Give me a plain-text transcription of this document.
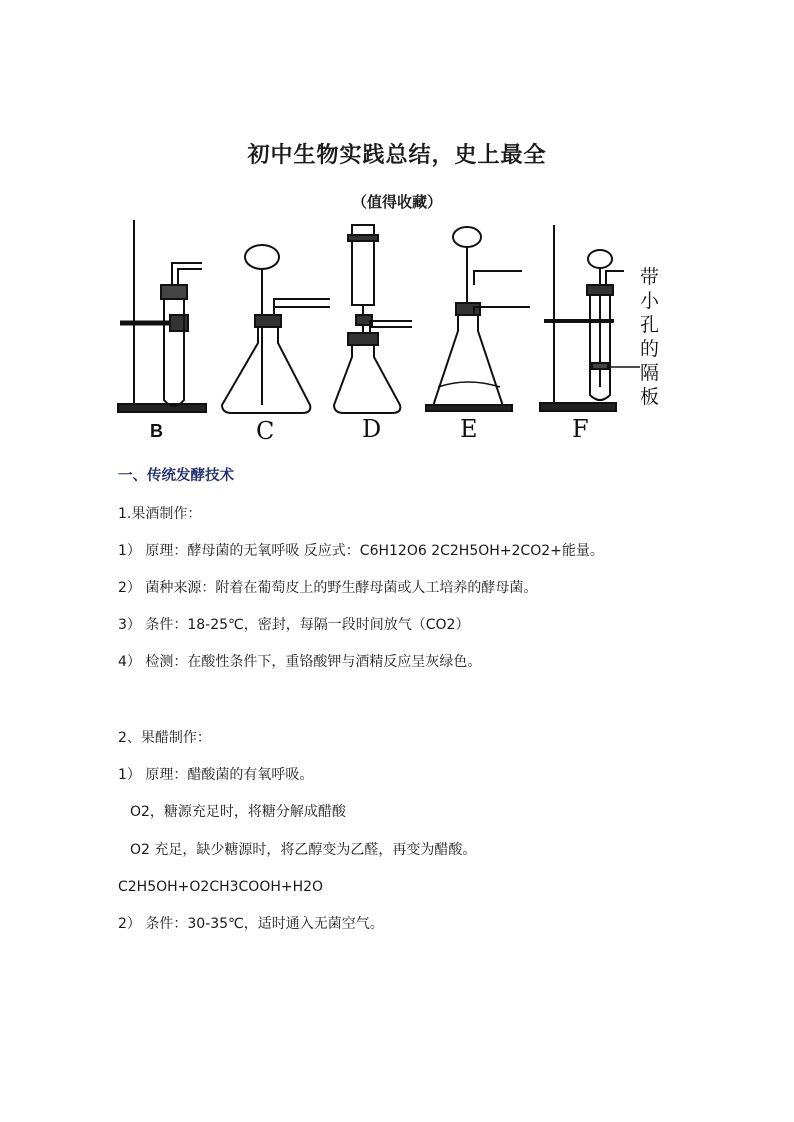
初中生物实践总结，史上最全
（值得收藏）
B	C	D	E	F
带
小
孔
的
隔
板
一、传统发酵技术
1.果酒制作：
1） 原理：酵母菌的无氧呼吸 反应式：C6H12O6 2C2H5OH+2CO2+能量。
2） 菌种来源：附着在葡萄皮上的野生酵母菌或人工培养的酵母菌。
3） 条件：18-25℃，密封，每隔一段时间放气（CO2）
4） 检测：在酸性条件下，重铬酸钾与酒精反应呈灰绿色。
2、果醋制作：
1） 原理：醋酸菌的有氧呼吸。
O2，糖源充足时，将糖分解成醋酸
O2 充足，缺少糖源时，将乙醇变为乙醛，再变为醋酸。
C2H5OH+O2CH3COOH+H2O
2） 条件：30-35℃，适时通入无菌空气。
